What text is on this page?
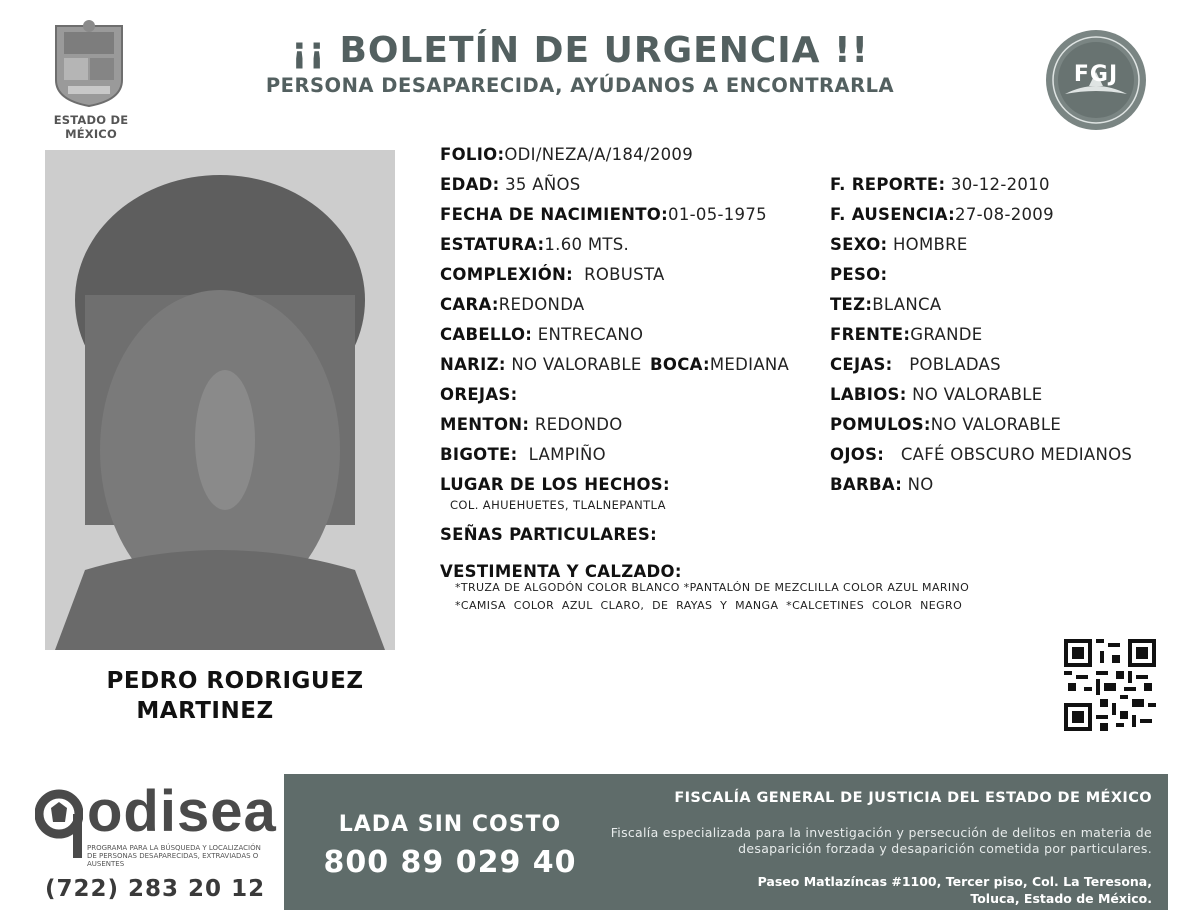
ESTADO DE MÉXICO
¡¡ BOLETÍN DE URGENCIA !!
PERSONA DESAPARECIDA, AYÚDANOS A ENCONTRARLA	FGJ
PEDRO RODRIGUEZ
MARTINEZ
FOLIO:ODI/NEZA/A/184/2009
EDAD: 35 AÑOS
FECHA DE NACIMIENTO:01-05-1975
ESTATURA:1.60 MTS.
COMPLEXIÓN: ROBUSTA
CARA:REDONDA
CABELLO: ENTRECANO
NARIZ: NO VALORABLE BOCA:MEDIANA
OREJAS:
MENTON: REDONDO
BIGOTE: LAMPIÑO
LUGAR DE LOS HECHOS:
COL. AHUEHUETES, TLALNEPANTLA
SEÑAS PARTICULARES:
VESTIMENTA Y CALZADO:
*TRUZA DE ALGODÓN COLOR BLANCO *PANTALÓN DE MEZCLILLA COLOR AZUL MARINO
*CAMISA  COLOR  AZUL  CLARO,  DE  RAYAS  Y  MANGA  *CALCETINES  COLOR  NEGRO
F. REPORTE: 30-12-2010
F. AUSENCIA:27-08-2009
SEXO: HOMBRE
PESO:
TEZ:BLANCA
FRENTE:GRANDE
CEJAS: POBLADAS
LABIOS: NO VALORABLE
POMULOS:NO VALORABLE
OJOS: CAFÉ OBSCURO MEDIANOS
BARBA: NO
odisea
PROGRAMA PARA LA BÚSQUEDA Y LOCALIZACIÓN DE PERSONAS DESAPARECIDAS, EXTRAVIADAS O AUSENTES
(722) 283 20 12
LADA SIN COSTO
800 89 029 40
FISCALÍA GENERAL DE JUSTICIA DEL ESTADO DE MÉXICO
Fiscalía especializada para la investigación y persecución de delitos en materia de desaparición forzada y desaparición cometida por particulares.
Paseo Matlazíncas #1100, Tercer piso, Col. La Teresona,
Toluca, Estado de México.
